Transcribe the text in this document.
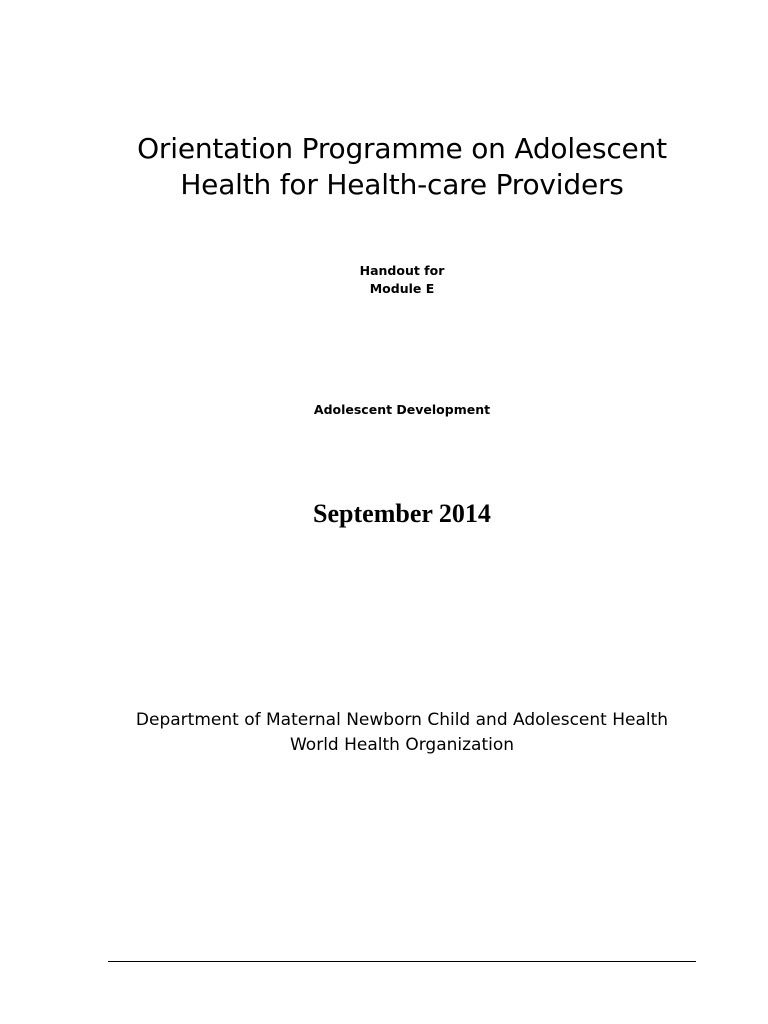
Orientation Programme on Adolescent
Health for Health-care Providers
Handout for
Module E
Adolescent Development
September 2014
Department of Maternal Newborn Child and Adolescent Health
World Health Organization
